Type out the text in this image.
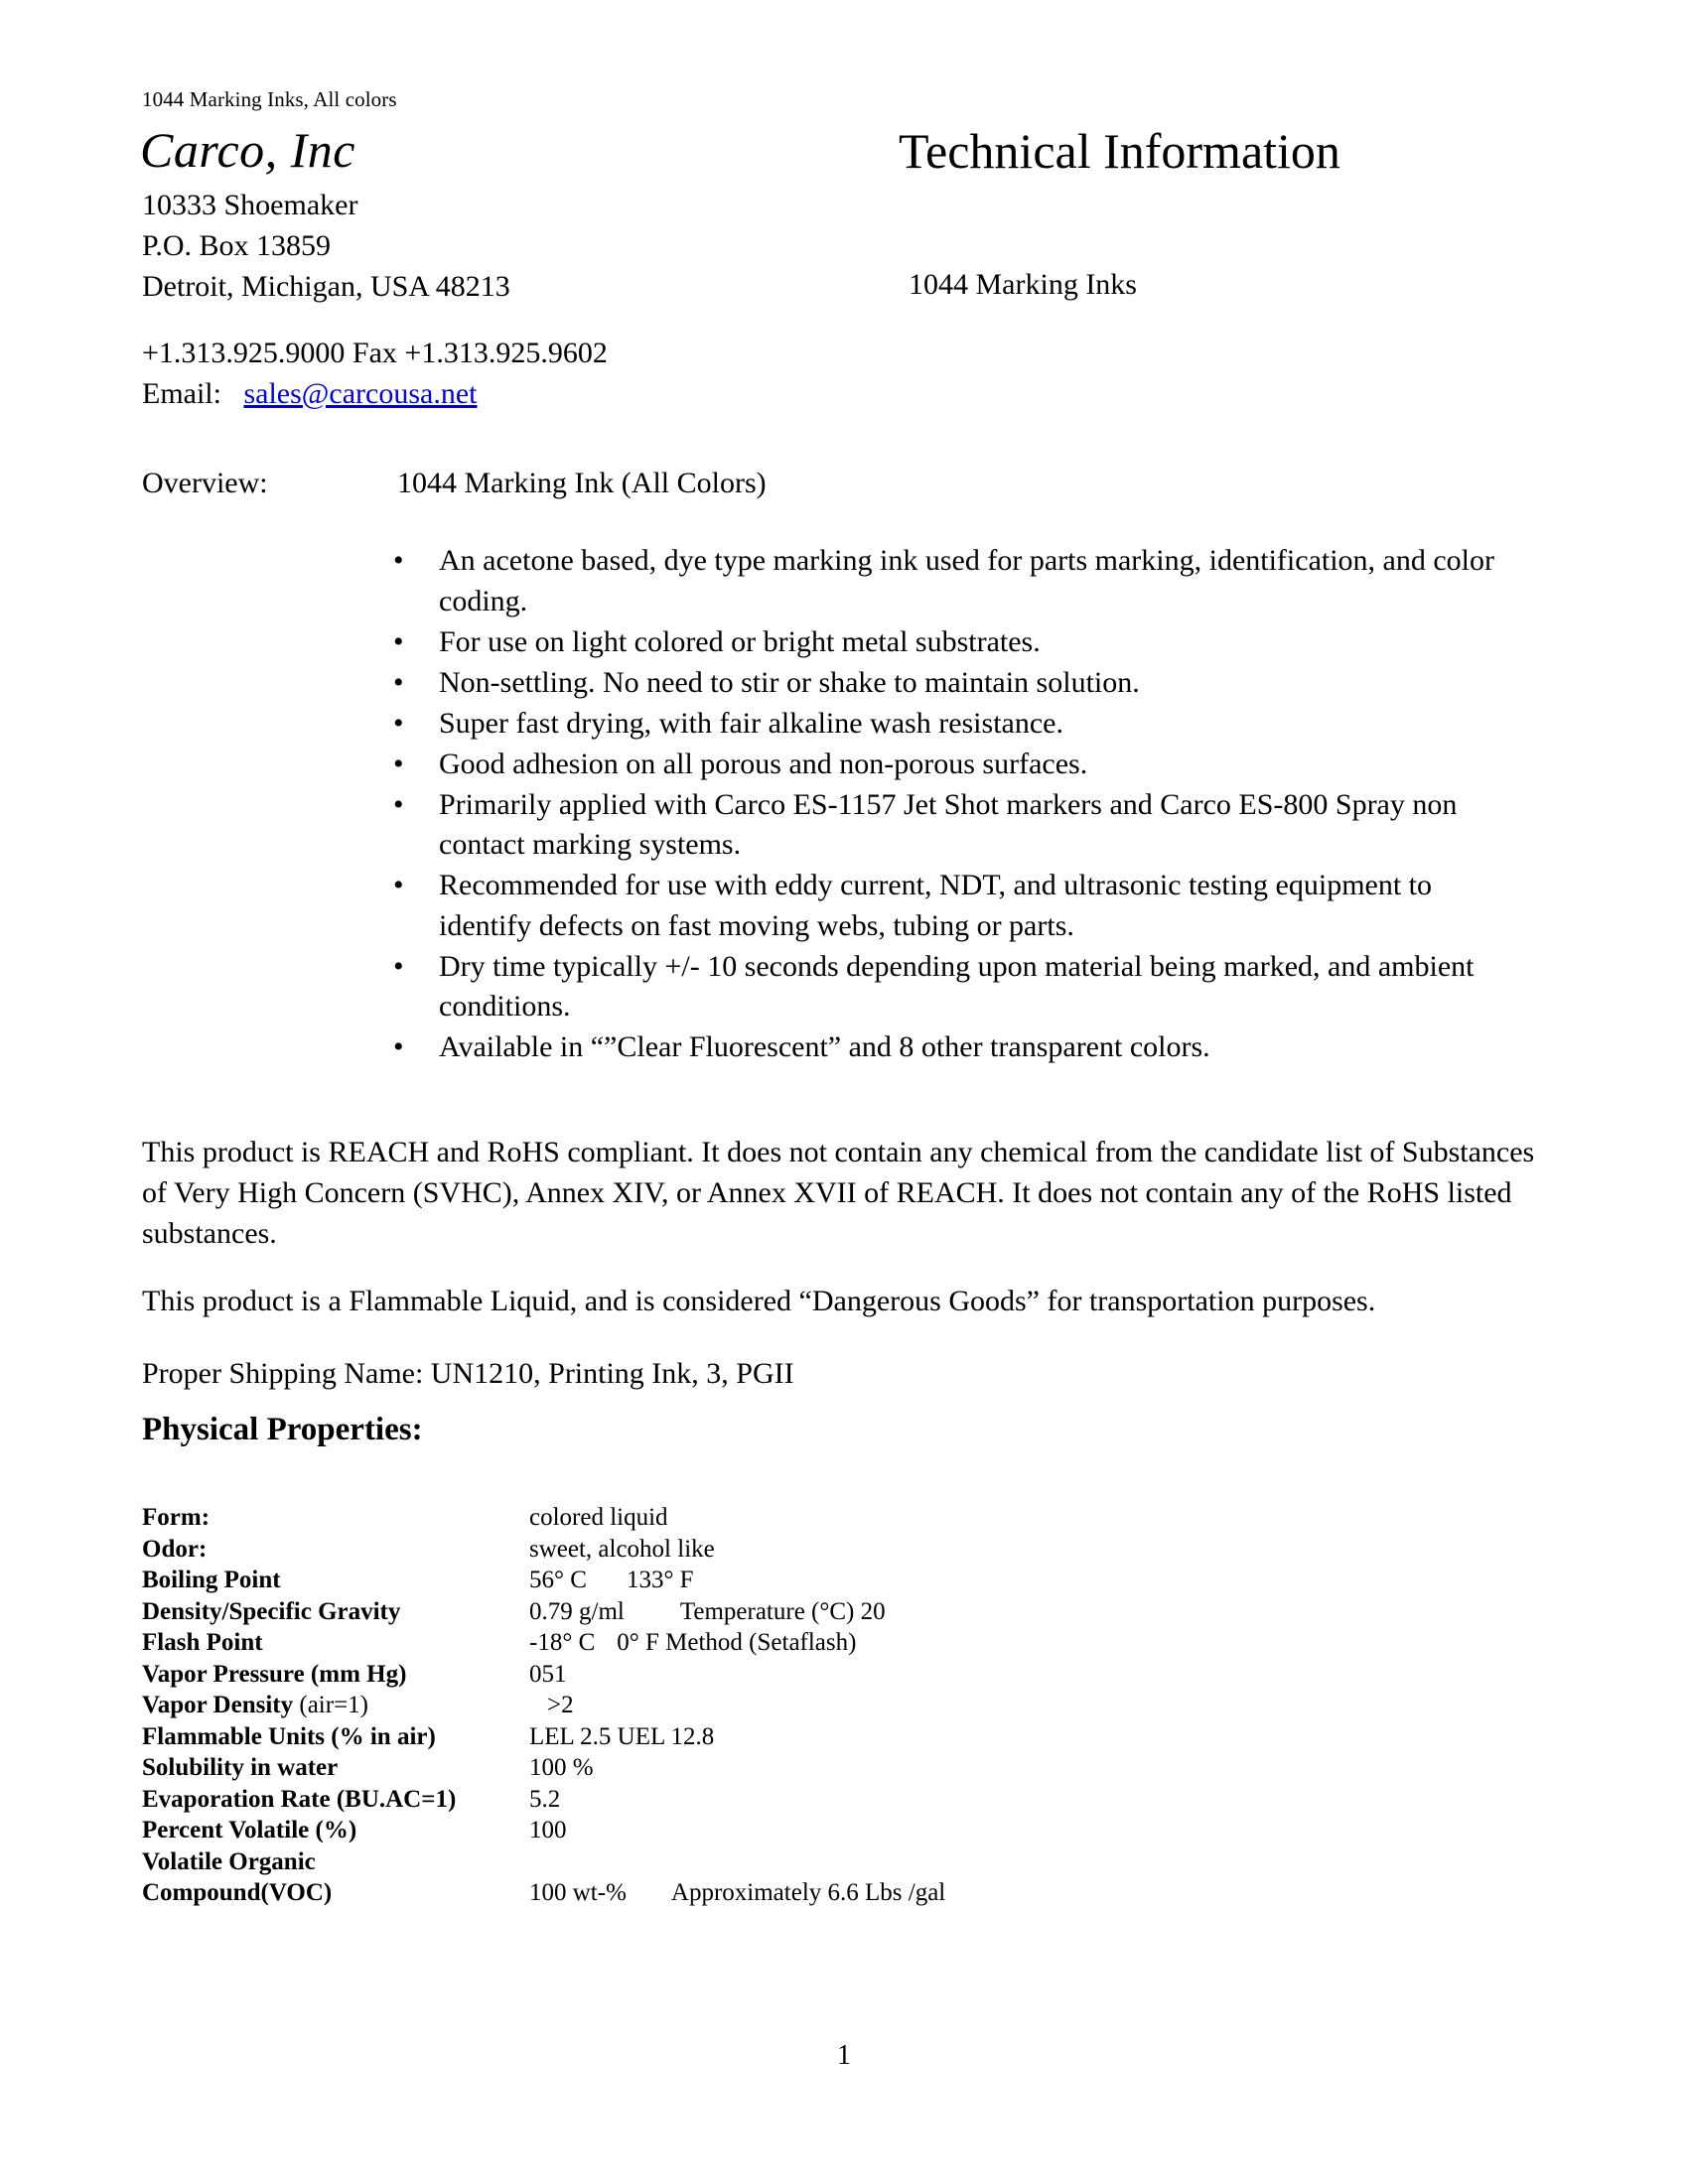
1044 Marking Inks, All colors
Carco, Inc
10333 Shoemaker
P.O. Box 13859
Detroit, Michigan, USA 48213
+1.313.925.9000 Fax +1.313.925.9602
Email: sales@carcousa.net
Technical Information
1044 Marking Inks
Overview:	1044 Marking Ink (All Colors)
• An acetone based, dye type marking ink used for parts marking, identification, and color coding.
• For use on light colored or bright metal substrates.
• Non-settling. No need to stir or shake to maintain solution.
• Super fast drying, with fair alkaline wash resistance.
• Good adhesion on all porous and non-porous surfaces.
• Primarily applied with Carco ES-1157 Jet Shot markers and Carco ES-800 Spray non contact marking systems.
• Recommended for use with eddy current, NDT, and ultrasonic testing equipment to identify defects on fast moving webs, tubing or parts.
• Dry time typically +/- 10 seconds depending upon material being marked, and ambient conditions.
• Available in “”Clear Fluorescent” and 8 other transparent colors.
This product is REACH and RoHS compliant. It does not contain any chemical from the candidate list of Substances of Very High Concern (SVHC), Annex XIV, or Annex XVII of REACH. It does not contain any of the RoHS listed substances.
This product is a Flammable Liquid, and is considered “Dangerous Goods” for transportation purposes.
Proper Shipping Name: UN1210, Printing Ink, 3, PGII
Physical Properties:
Form:	colored liquid
Odor:	sweet, alcohol like
Boiling Point	56° C 133° F
Density/Specific Gravity	0.79 g/ml Temperature (°C) 20
Flash Point	-18° C 0° F Method (Setaflash)
Vapor Pressure (mm Hg)	051
Vapor Density (air=1)	>2
Flammable Units (% in air)	LEL 2.5 UEL 12.8
Solubility in water	100 %
Evaporation Rate (BU.AC=1)	5.2
Percent Volatile (%)	100
Volatile Organic	
Compound(VOC)	100 wt-% Approximately 6.6 Lbs /gal
1
